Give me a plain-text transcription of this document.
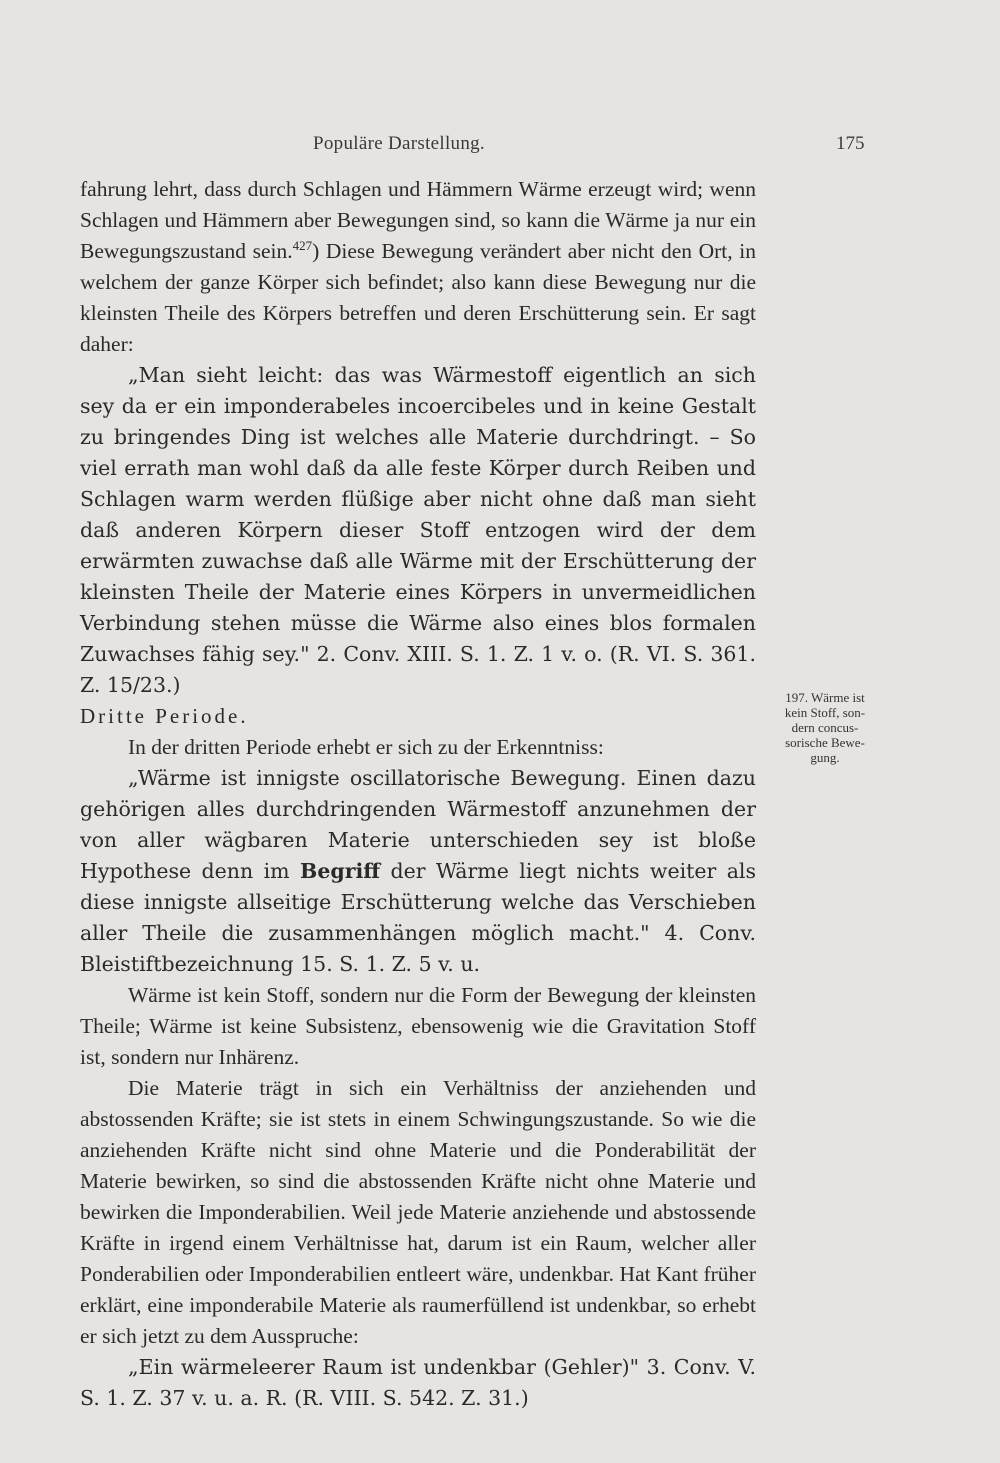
Populäre Darstellung.	175

fahrung lehrt, dass durch Schlagen und Hämmern Wärme erzeugt wird; wenn Schlagen und Hämmern aber Bewegungen sind, so kann die Wärme ja nur ein Bewegungszustand sein.$^{427}$) Diese Bewegung verändert aber nicht den Ort, in welchem der ganze Körper sich befindet; also kann diese Bewegung nur die kleinsten Theile des Körpers betreffen und deren Erschütterung sein. Er sagt daher:

„Man sieht leicht: das was Wärmestoff eigentlich an sich sey da er ein imponderabeles incoercibeles und in keine Gestalt zu bringendes Ding ist welches alle Materie durchdringt. – So viel errath man wohl daß da alle feste Körper durch Reiben und Schlagen warm werden flüßige aber nicht ohne daß man sieht daß anderen Körpern dieser Stoff entzogen wird der dem erwärmten zuwachse daß alle Wärme mit der Erschütterung der kleinsten Theile der Materie eines Körpers in unvermeidlichen Verbindung stehen müsse die Wärme also eines blos formalen Zuwachses fähig sey." 2. Conv. XIII. S. 1. Z. 1 v. o. (R. VI. S. 361. Z. 15/23.)

Dritte Periode.

In der dritten Periode erhebt er sich zu der Erkenntniss:

„Wärme ist innigste oscillatorische Bewegung. Einen dazu gehörigen alles durchdringenden Wärmestoff anzunehmen der von aller wägbaren Materie unterschieden sey ist bloße Hypothese denn im Begriff der Wärme liegt nichts weiter als diese innigste allseitige Erschütterung welche das Verschieben aller Theile die zusammenhängen möglich macht." 4. Conv. Bleistiftbezeichnung 15. S. 1. Z. 5 v. u.

Wärme ist kein Stoff, sondern nur die Form der Bewegung der kleinsten Theile; Wärme ist keine Subsistenz, ebensowenig wie die Gravitation Stoff ist, sondern nur Inhärenz.

Die Materie trägt in sich ein Verhältniss der anziehenden und abstossenden Kräfte; sie ist stets in einem Schwingungszustande. So wie die anziehenden Kräfte nicht sind ohne Materie und die Ponderabilität der Materie bewirken, so sind die abstossenden Kräfte nicht ohne Materie und bewirken die Imponderabilien. Weil jede Materie anziehende und abstossende Kräfte in irgend einem Verhältnisse hat, darum ist ein Raum, welcher aller Ponderabilien oder Imponderabilien entleert wäre, undenkbar. Hat Kant früher erklärt, eine imponderabile Materie als raumerfüllend ist undenkbar, so erhebt er sich jetzt zu dem Ausspruche:

„Ein wärmeleerer Raum ist undenkbar (Gehler)" 3. Conv. V. S. 1. Z. 37 v. u. a. R. (R. VIII. S. 542. Z. 31.)

197. Wärme ist
kein Stoff, son-
dern concus-
sorische Bewe-
gung.
